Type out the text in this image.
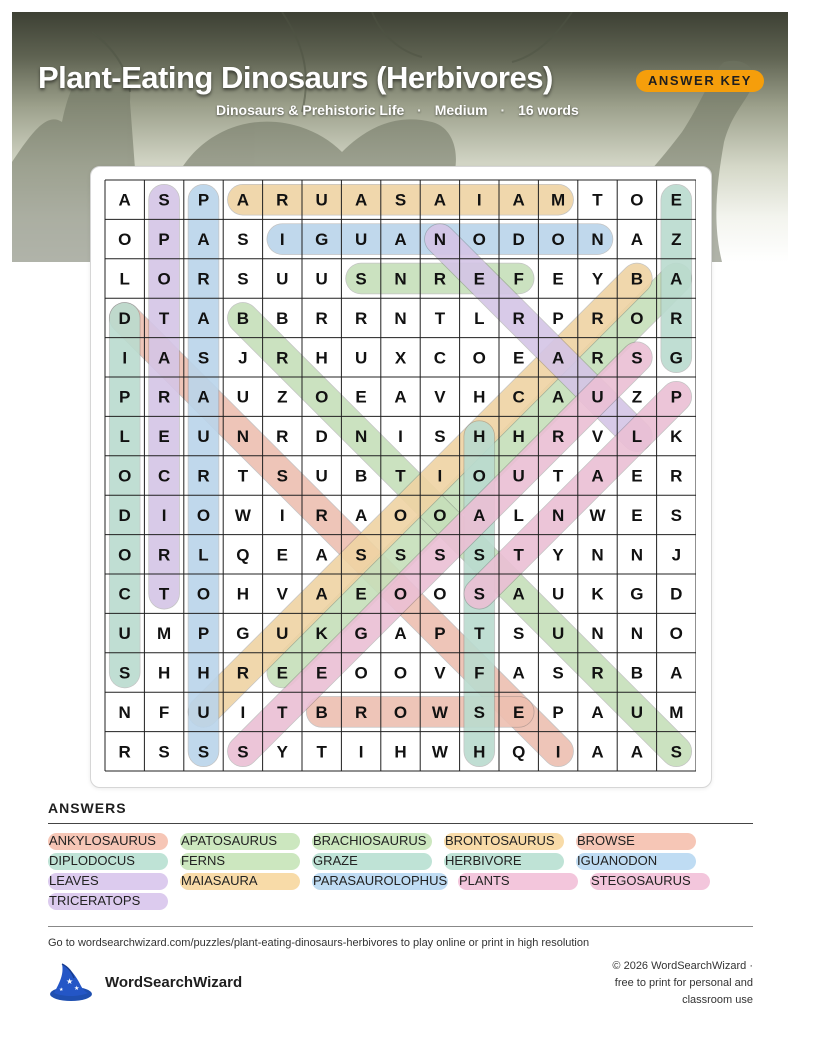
Plant-Eating Dinosaurs (Herbivores)	ANSWER KEY
Dinosaurs & Prehistoric Life · Medium · 16 words
A S P A R U A S A I A M T O E
O P A S I G U A N O D O N A Z
L O R S U U S N R E F E Y B A
D T A B B R R N T L R P R O R
I A S J R H U X C O E A R S G
P R A U Z O E A V H C A U Z P
L E U N R D N I S H H R V L K
O C R T S U B T I O U T A E R
D I O W I R A O O A L N W E S
O R L Q E A S S S S T Y N N J
C T O H V A E O O S A U K G D
U M P G U K G A P T S U N N O
S H H R E E O O V F A S R B A
N F U I T B R O W S E P A U M
R S S S Y T I H W H Q I A A S
ANSWERS
ANKYLOSAURUS APATOSAURUS	BRACHIOSAURUS BRONTOSAURUS BROWSE
DIPLODOCUS	FERNS	GRAZE	HERBIVORE	IGUANODON
LEAVES	MAIASAURA	PARASAUROLOPHUS PLANTS	STEGOSAURUS
TRICERATOPS
Go to wordsearchwizard.com/puzzles/plant-eating-dinosaurs-herbivores to play online or print in high resolution
★
★
★	WordSearchWizard
© 2026 WordSearchWizard ·
free to print for personal and
classroom use
